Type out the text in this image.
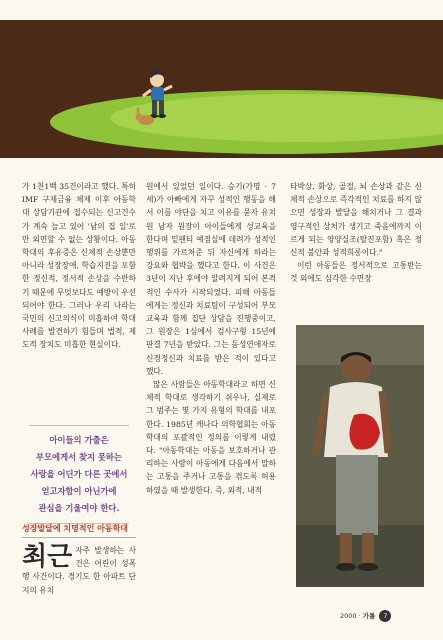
가 1천1백 35건이라고 했다. 특히 IMF 구제금융 체제 이후 아동학대 상담기관에 접수되는 신고건수가 계속 늘고 있어 '남의 집 일'로만 외면할 수 없는 상황이다. 아동학대의 후유증은 신체적 손상뿐만 아니라 성장장애, 학습지진을 포함한 정신적, 정서적 손상을 수반하기 때문에 무엇보다도 예방이 우선되어야 한다. 그러나 우리 나라는 국민의 신고의식이 미흡하여 학대사례를 발견하기 힘들며 법적, 제도적 장치도 미흡한 현실이다.

아이들의 가출은
부모에게서 찾지 못하는
사랑을 어딘가 다른 곳에서
얻고자함이 아닌가에
관심을 기울여야 한다.
성장발달에 치명적인 아동학대
최근 자주 발생하는 사건은 어린이 성폭행 사건이다. 경기도 한 아파트 단지의 유치

원에서 있었던 일이다. 승기(가명 · 7세)가 아빠에게 자꾸 성적인 행동을 해서 이를 야단을 치고 이유를 묻자 유치원 남자 원장이 아이들에게 성교육을 한다며 밑팬티 예점실에 데려가 성적인 행위를 가르쳐준 뒤 자신에게 하라는 강요와 협박을 했다고 한다. 이 사건은 3년이 지난 후에야 알려지게 되어 본격적인 수사가 시작되었다. 피해 아동들에게는 정신과 치료팀이 구성되어 부모교육과 함께 집단 상담을 진행중이고, 그 원장은 1심에서 검사구형 15년에 판결 7년을 받았다. 그는 동성연애자로 신경정신과 치료를 받은 적이 있다고 했다.

많은 사람들은 아동학대라고 하면 신체적 학대로 생각하기 쉬우나, 실제로 그 범주는 몇 가지 유형의 학대를 내포한다. 1985년 캐나다 의학협회는 아동학대의 포괄적인 정의를 이렇게 내렸다. "아동학대는 아동을 보호하거나 관리하는 사람이 아동에게 다음에서 말하는 고통을 주거나 고통을 겪도록 허용하였을 때 발생한다. 즉, 외적, 내적

타박상, 화상, 골절, 뇌 손상과 같은 신체적 손상으로 즉각적인 치료를 하지 않으면 성장과 발달을 해치거나 그 결과 영구적인 상처가 생기고 죽음에까지 이르게 되는 영양실조(탈진포함) 혹은 정신적 불안과 성적희롱이다."

이런 아동들은 정서적으로 고통받는 것 외에도 심각한 수면장

2000 · 가톨 7
